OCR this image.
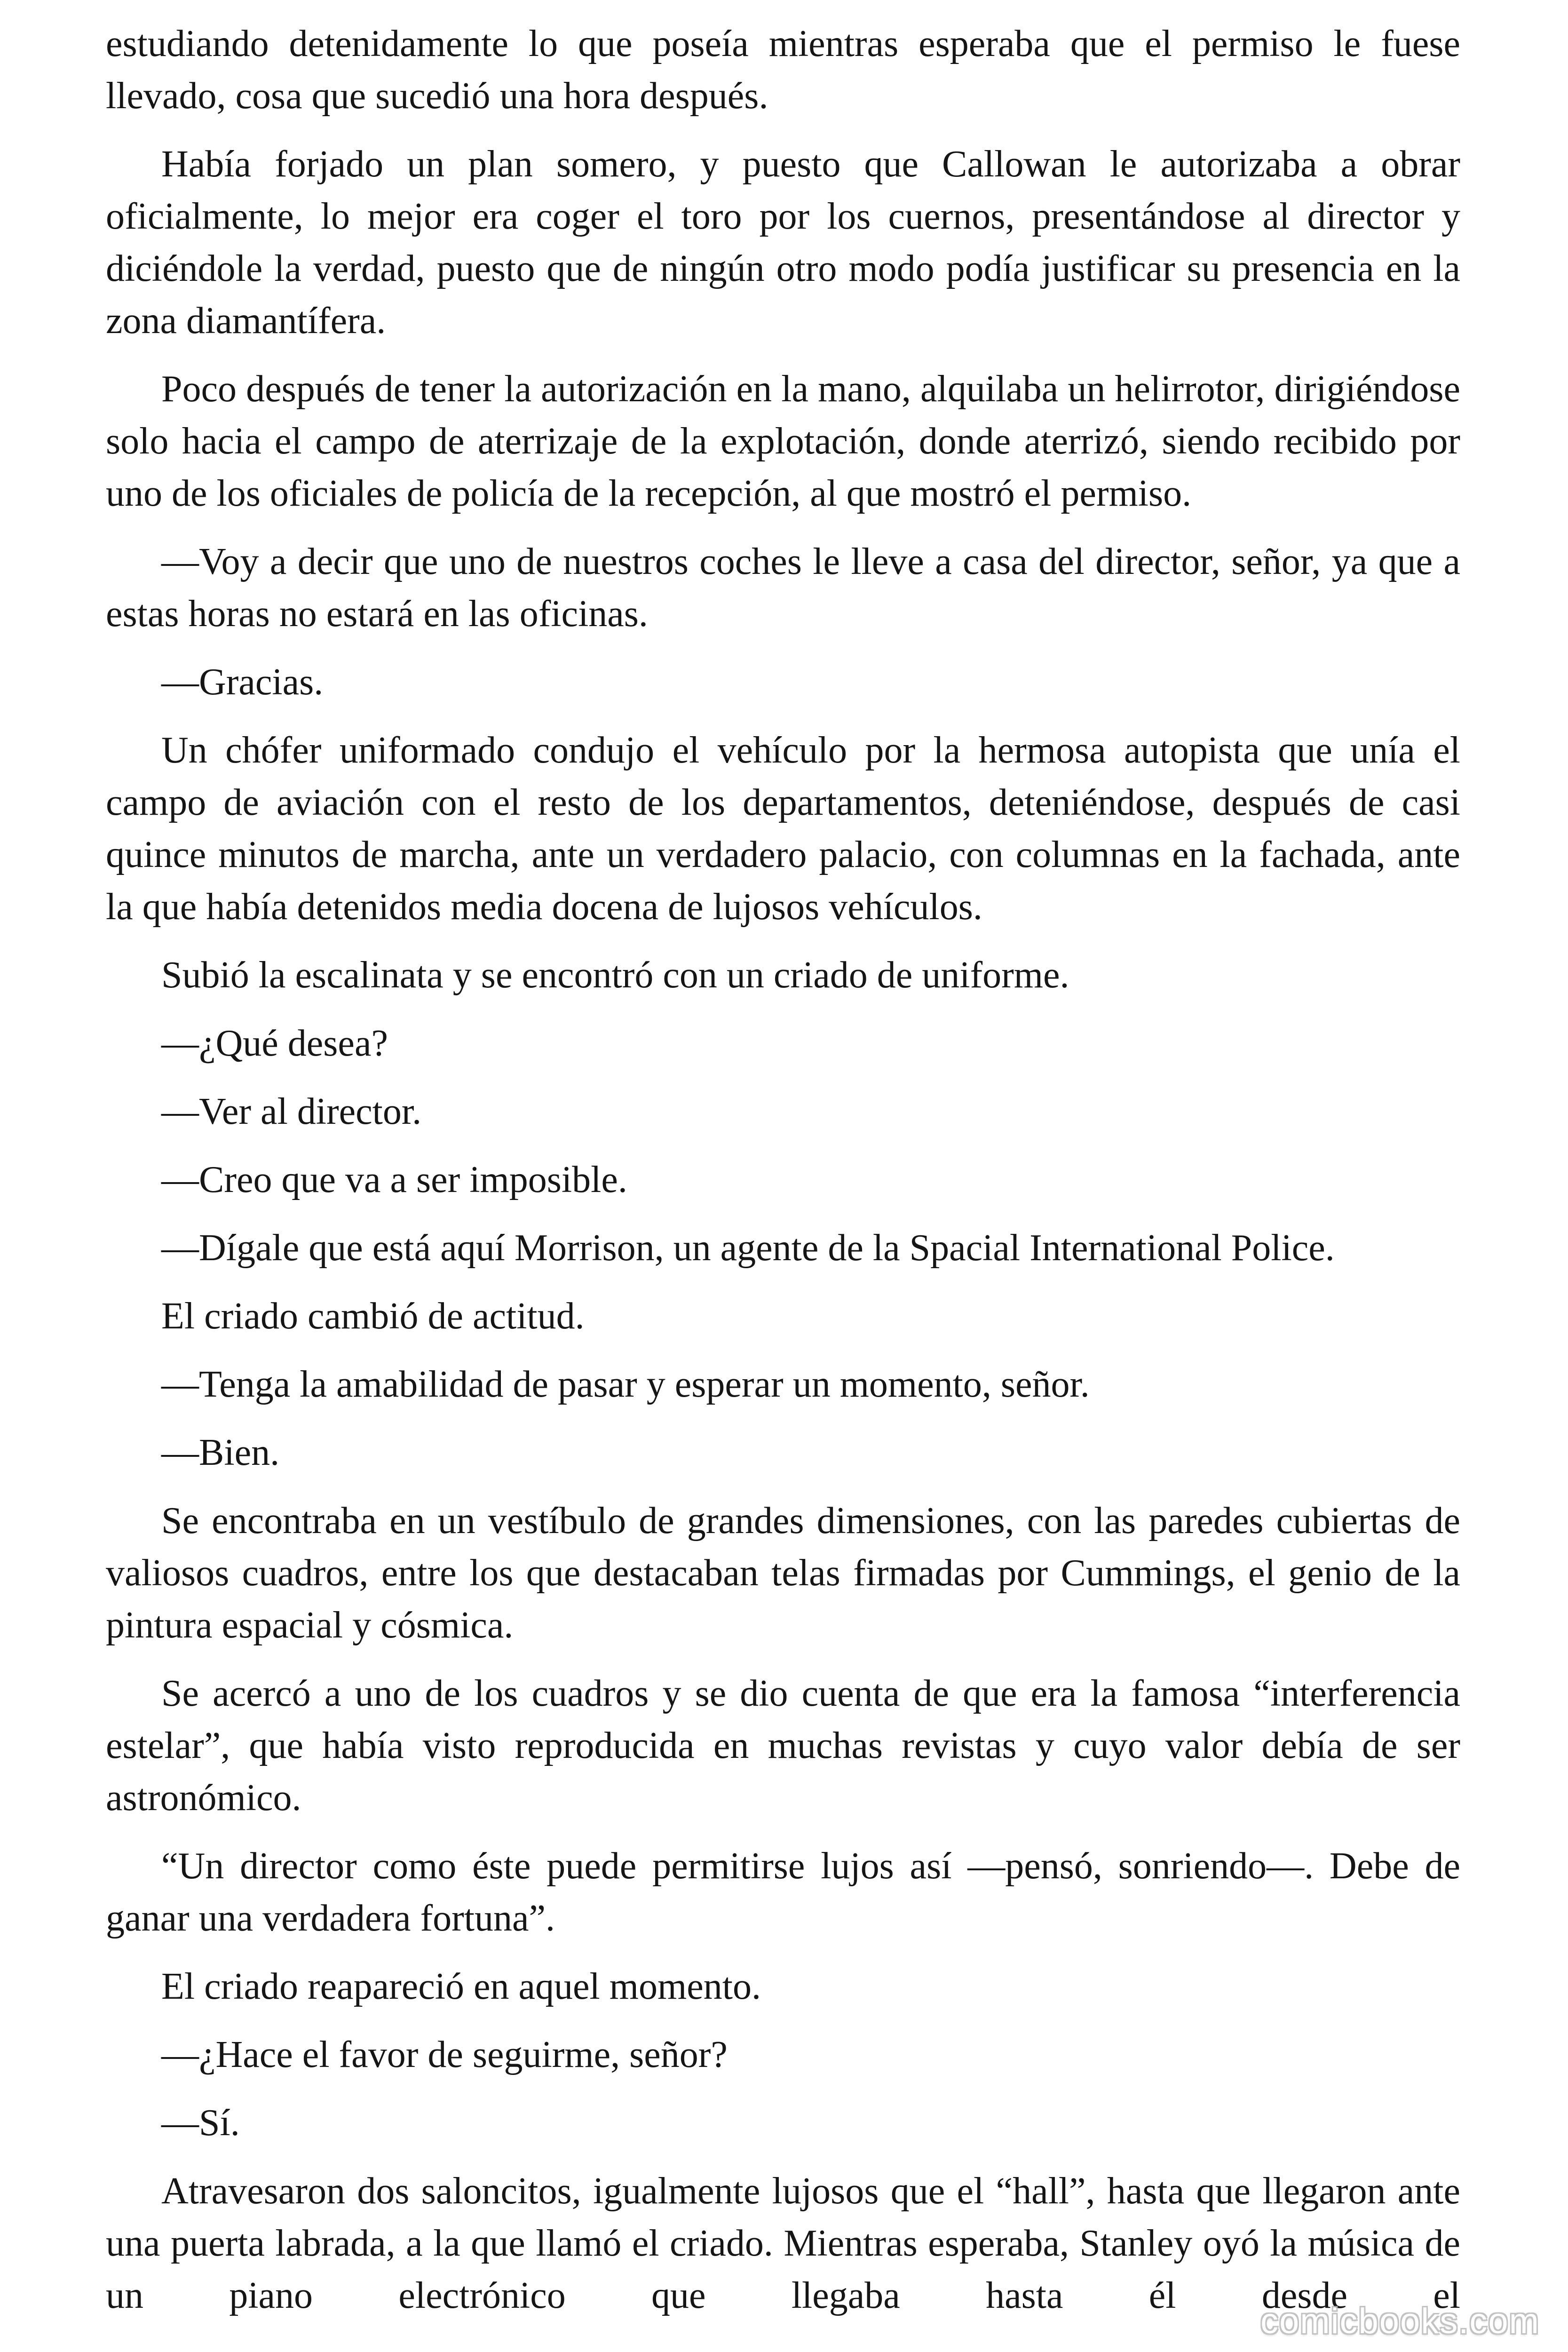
estudiando detenidamente lo que poseía mientras esperaba que el permiso le fuese llevado, cosa que sucedió una hora después.

Había forjado un plan somero, y puesto que Callowan le autorizaba a obrar oficialmente, lo mejor era coger el toro por los cuernos, presentándose al director y diciéndole la verdad, puesto que de ningún otro modo podía justificar su presencia en la zona diamantífera.

Poco después de tener la autorización en la mano, alquilaba un helirrotor, dirigiéndose solo hacia el campo de aterrizaje de la explotación, donde aterrizó, siendo recibido por uno de los oficiales de policía de la recepción, al que mostró el permiso.

—Voy a decir que uno de nuestros coches le lleve a casa del director, señor, ya que a estas horas no estará en las oficinas.

—Gracias.

Un chófer uniformado condujo el vehículo por la hermosa autopista que unía el campo de aviación con el resto de los departamentos, deteniéndose, después de casi quince minutos de marcha, ante un verdadero palacio, con columnas en la fachada, ante la que había detenidos media docena de lujosos vehículos.

Subió la escalinata y se encontró con un criado de uniforme.

—¿Qué desea?

—Ver al director.

—Creo que va a ser imposible.

—Dígale que está aquí Morrison, un agente de la Spacial International Police.

El criado cambió de actitud.

—Tenga la amabilidad de pasar y esperar un momento, señor.

—Bien.

Se encontraba en un vestíbulo de grandes dimensiones, con las paredes cubiertas de valiosos cuadros, entre los que destacaban telas firmadas por Cummings, el genio de la pintura espacial y cósmica.

Se acercó a uno de los cuadros y se dio cuenta de que era la famosa “interferencia estelar”, que había visto reproducida en muchas revistas y cuyo valor debía de ser astronómico.

“Un director como éste puede permitirse lujos así —pensó, sonriendo—. Debe de ganar una verdadera fortuna”.

El criado reapareció en aquel momento.

—¿Hace el favor de seguirme, señor?

—Sí.

Atravesaron dos saloncitos, igualmente lujosos que el “hall”, hasta que llegaron ante una puerta labrada, a la que llamó el criado. Mientras esperaba, Stanley oyó la música de un piano electrónico que llegaba hasta él desde el

comicbooks.com
